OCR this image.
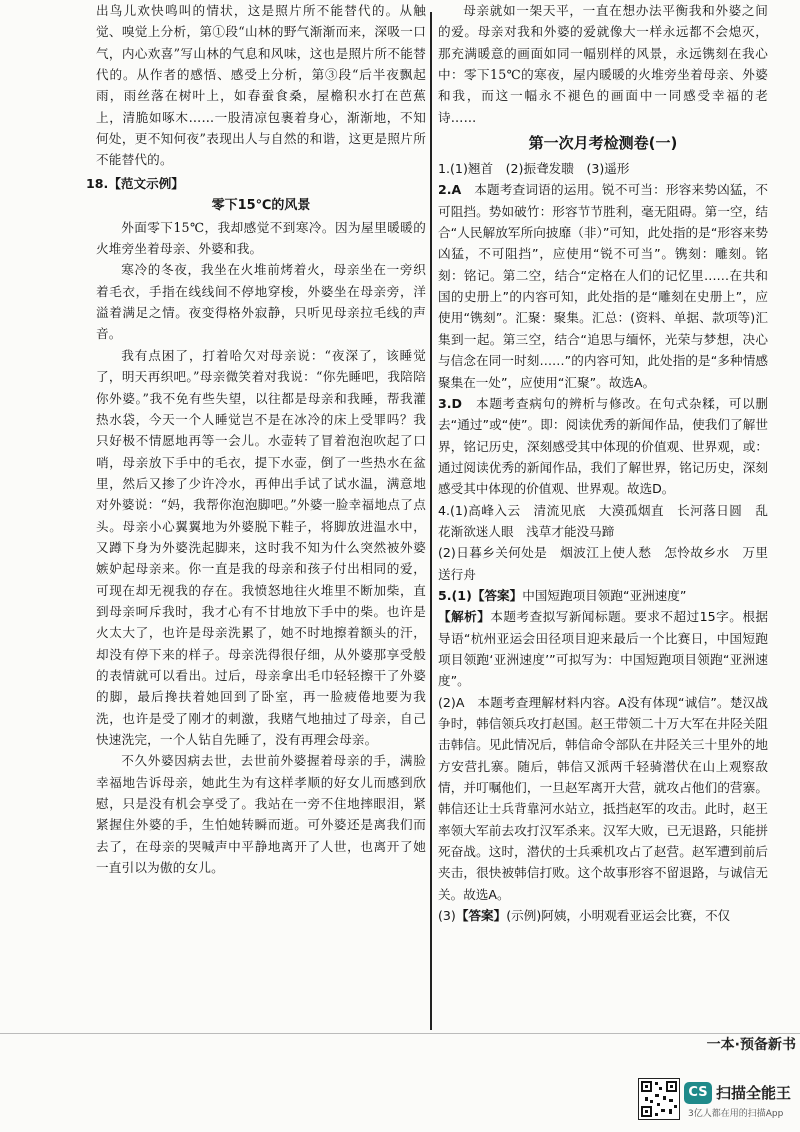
出鸟儿欢快鸣叫的情状，这是照片所不能替代的。从触觉、嗅觉上分析，第①段“山林的野气渐渐而来，深吸一口气，内心欢喜”写山林的气息和风味，这也是照片所不能替代的。从作者的感悟、感受上分析，第③段“后半夜飘起雨，雨丝落在树叶上，如春蚕食桑，屋檐积水打在芭蕉上，清脆如啄木……一股清凉包裹着身心，渐渐地，不知何处，更不知何夜”表现出人与自然的和谐，这更是照片所不能替代的。

18.【范文示例】

零下15℃的风景

外面零下15℃，我却感觉不到寒冷。因为屋里暖暖的火堆旁坐着母亲、外婆和我。

寒冷的冬夜，我坐在火堆前烤着火，母亲坐在一旁织着毛衣，手指在线线间不停地穿梭，外婆坐在母亲旁，洋溢着满足之情。夜变得格外寂静，只听见母亲拉毛线的声音。

我有点困了，打着哈欠对母亲说：“夜深了，该睡觉了，明天再织吧。”母亲微笑着对我说：“你先睡吧，我陪陪你外婆。”我不免有些失望，以往都是母亲和我睡，帮我灌热水袋，今天一个人睡觉岂不是在冰冷的床上受罪吗？我只好极不情愿地再等一会儿。水壶转了冒着泡泡吹起了口哨，母亲放下手中的毛衣，提下水壶，倒了一些热水在盆里，然后又掺了少许冷水，再伸出手试了试水温，满意地对外婆说：“妈，我帮你泡泡脚吧。”外婆一脸幸福地点了点头。母亲小心翼翼地为外婆脱下鞋子，将脚放进温水中，又蹲下身为外婆洗起脚来，这时我不知为什么突然被外婆嫉妒起母亲来。你一直是我的母亲和孩子付出相同的爱，可现在却无视我的存在。我愤怒地往火堆里不断加柴，直到母亲呵斥我时，我才心有不甘地放下手中的柴。也许是火太大了，也许是母亲洗累了，她不时地擦着额头的汗，却没有停下来的样子。母亲洗得很仔细，从外婆那享受般的表情就可以看出。过后，母亲拿出毛巾轻轻擦干了外婆的脚，最后搀扶着她回到了卧室，再一脸疲倦地要为我洗，也许是受了刚才的刺激，我赌气地抽过了母亲，自己快速洗完，一个人钻自先睡了，没有再理会母亲。

不久外婆因病去世，去世前外婆握着母亲的手，满脸幸福地告诉母亲，她此生为有这样孝顺的好女儿而感到欣慰，只是没有机会享受了。我站在一旁不住地摔眼泪，紧紧握住外婆的手，生怕她转瞬而逝。可外婆还是离我们而去了，在母亲的哭喊声中平静地离开了人世，也离开了她一直引以为傲的女儿。

母亲就如一架天平，一直在想办法平衡我和外婆之间的爱。母亲对我和外婆的爱就像大一样永远都不会熄灭，那充满暖意的画面如同一幅别样的风景，永远镌刻在我心中：零下15℃的寒夜，屋内暖暖的火堆旁坐着母亲、外婆和我，而这一幅永不褪色的画面中一同感受幸福的老诗……

第一次月考检测卷(一)

1.(1)翘首　(2)振聋发聩　(3)遥形

2.A　 本题考查词语的运用。锐不可当：形容来势凶猛，不可阻挡。势如破竹：形容节节胜利，毫无阻碍。第一空，结合“人民解放军所向披靡（非）”可知，此处指的是“形容来势凶猛，不可阻挡”，应使用“锐不可当”。镌刻：雕刻。铭刻：铭记。第二空，结合“定格在人们的记忆里……在共和国的史册上”的内容可知，此处指的是“雕刻在史册上”，应使用“镌刻”。汇聚：聚集。汇总：(资料、单据、款项等)汇集到一起。第三空，结合“追思与缅怀，光荣与梦想，决心与信念在同一时刻……”的内容可知，此处指的是“多种情感聚集在一处”，应使用“汇聚”。故选A。

3.D　 本题考查病句的辨析与修改。在句式杂糅，可以删去“通过”或“使”。即：阅读优秀的新闻作品，使我们了解世界，铭记历史，深刻感受其中体现的价值观、世界观，或：通过阅读优秀的新闻作品，我们了解世界，铭记历史，深刻感受其中体现的价值观、世界观。故选D。

4.(1)高峰入云　清流见底　大漠孤烟直　长河落日圆　乱花渐欲迷人眼　浅草才能没马蹄

(2)日暮乡关何处是　烟波江上使人愁　怎怜故乡水　万里送行舟

5.(1)【答案】中国短跑项目领跑“亚洲速度”

【解析】本题考查拟写新闻标题。要求不超过15字。根据导语“杭州亚运会田径项目迎来最后一个比赛日，中国短跑项目领跑‘亚洲速度’”可拟写为：中国短跑项目领跑“亚洲速度”。

(2)A　本题考查理解材料内容。A没有体现“诚信”。楚汉战争时，韩信领兵攻打赵国。赵王带领二十万大军在井陉关阻击韩信。见此情况后，韩信命令部队在井陉关三十里外的地方安营扎寨。随后，韩信又派两千轻骑潜伏在山上观察敌情，并叮嘱他们，一旦赵军离开大营，就攻占他们的营寨。韩信还让士兵背靠河水站立，抵挡赵军的攻击。此时，赵王率领大军前去攻打汉军杀来。汉军大败，已无退路，只能拼死奋战。这时，潜伏的士兵乘机攻占了赵营。赵军遭到前后夹击，很快被韩信打败。这个故事形容不留退路，与诚信无关。故选A。

(3)【答案】(示例)阿姨，小明观看亚运会比赛，不仅

一本·预备新书
CS 扫描全能王
3亿人都在用的扫描App
